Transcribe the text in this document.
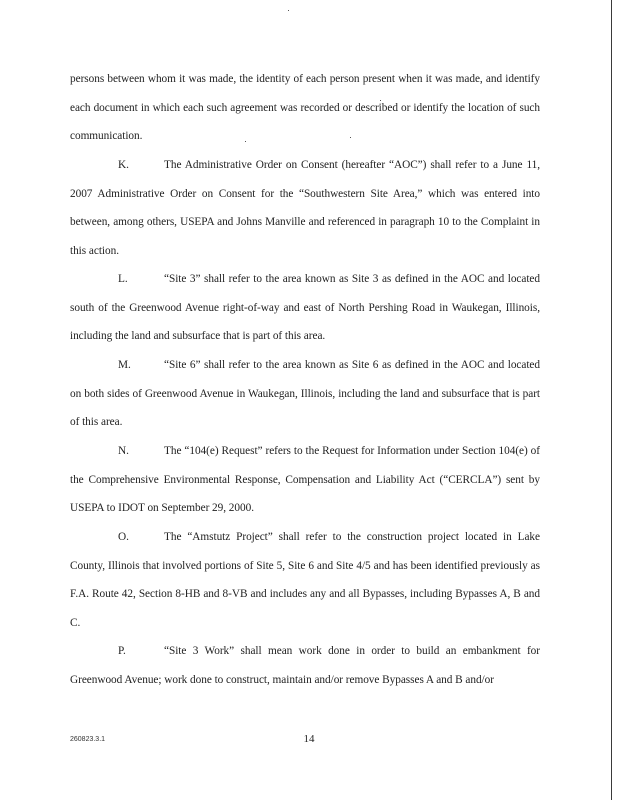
persons between whom it was made, the identity of each person present when it was made, and identify each document in which each such agreement was recorded or described or identify the location of such communication.

K.	The Administrative Order on Consent (hereafter “AOC”) shall refer to a June 11, 2007 Administrative Order on Consent for the “Southwestern Site Area,” which was entered into between, among others, USEPA and Johns Manville and referenced in paragraph 10 to the Complaint in this action.

L.	“Site 3” shall refer to the area known as Site 3 as defined in the AOC and located south of the Greenwood Avenue right-of-way and east of North Pershing Road in Waukegan, Illinois, including the land and subsurface that is part of this area.

M.	“Site 6” shall refer to the area known as Site 6 as defined in the AOC and located on both sides of Greenwood Avenue in Waukegan, Illinois, including the land and subsurface that is part of this area.

N.	The “104(e) Request” refers to the Request for Information under Section 104(e) of the Comprehensive Environmental Response, Compensation and Liability Act (“CERCLA”) sent by USEPA to IDOT on September 29, 2000.

O.	The “Amstutz Project” shall refer to the construction project located in Lake County, Illinois that involved portions of Site 5, Site 6 and Site 4/5 and has been identified previously as F.A. Route 42, Section 8-HB and 8-VB and includes any and all Bypasses, including Bypasses A, B and C.

P.	“Site 3 Work” shall mean work done in order to build an embankment for Greenwood Avenue; work done to construct, maintain and/or remove Bypasses A and B and/or

260823.3.1	14
